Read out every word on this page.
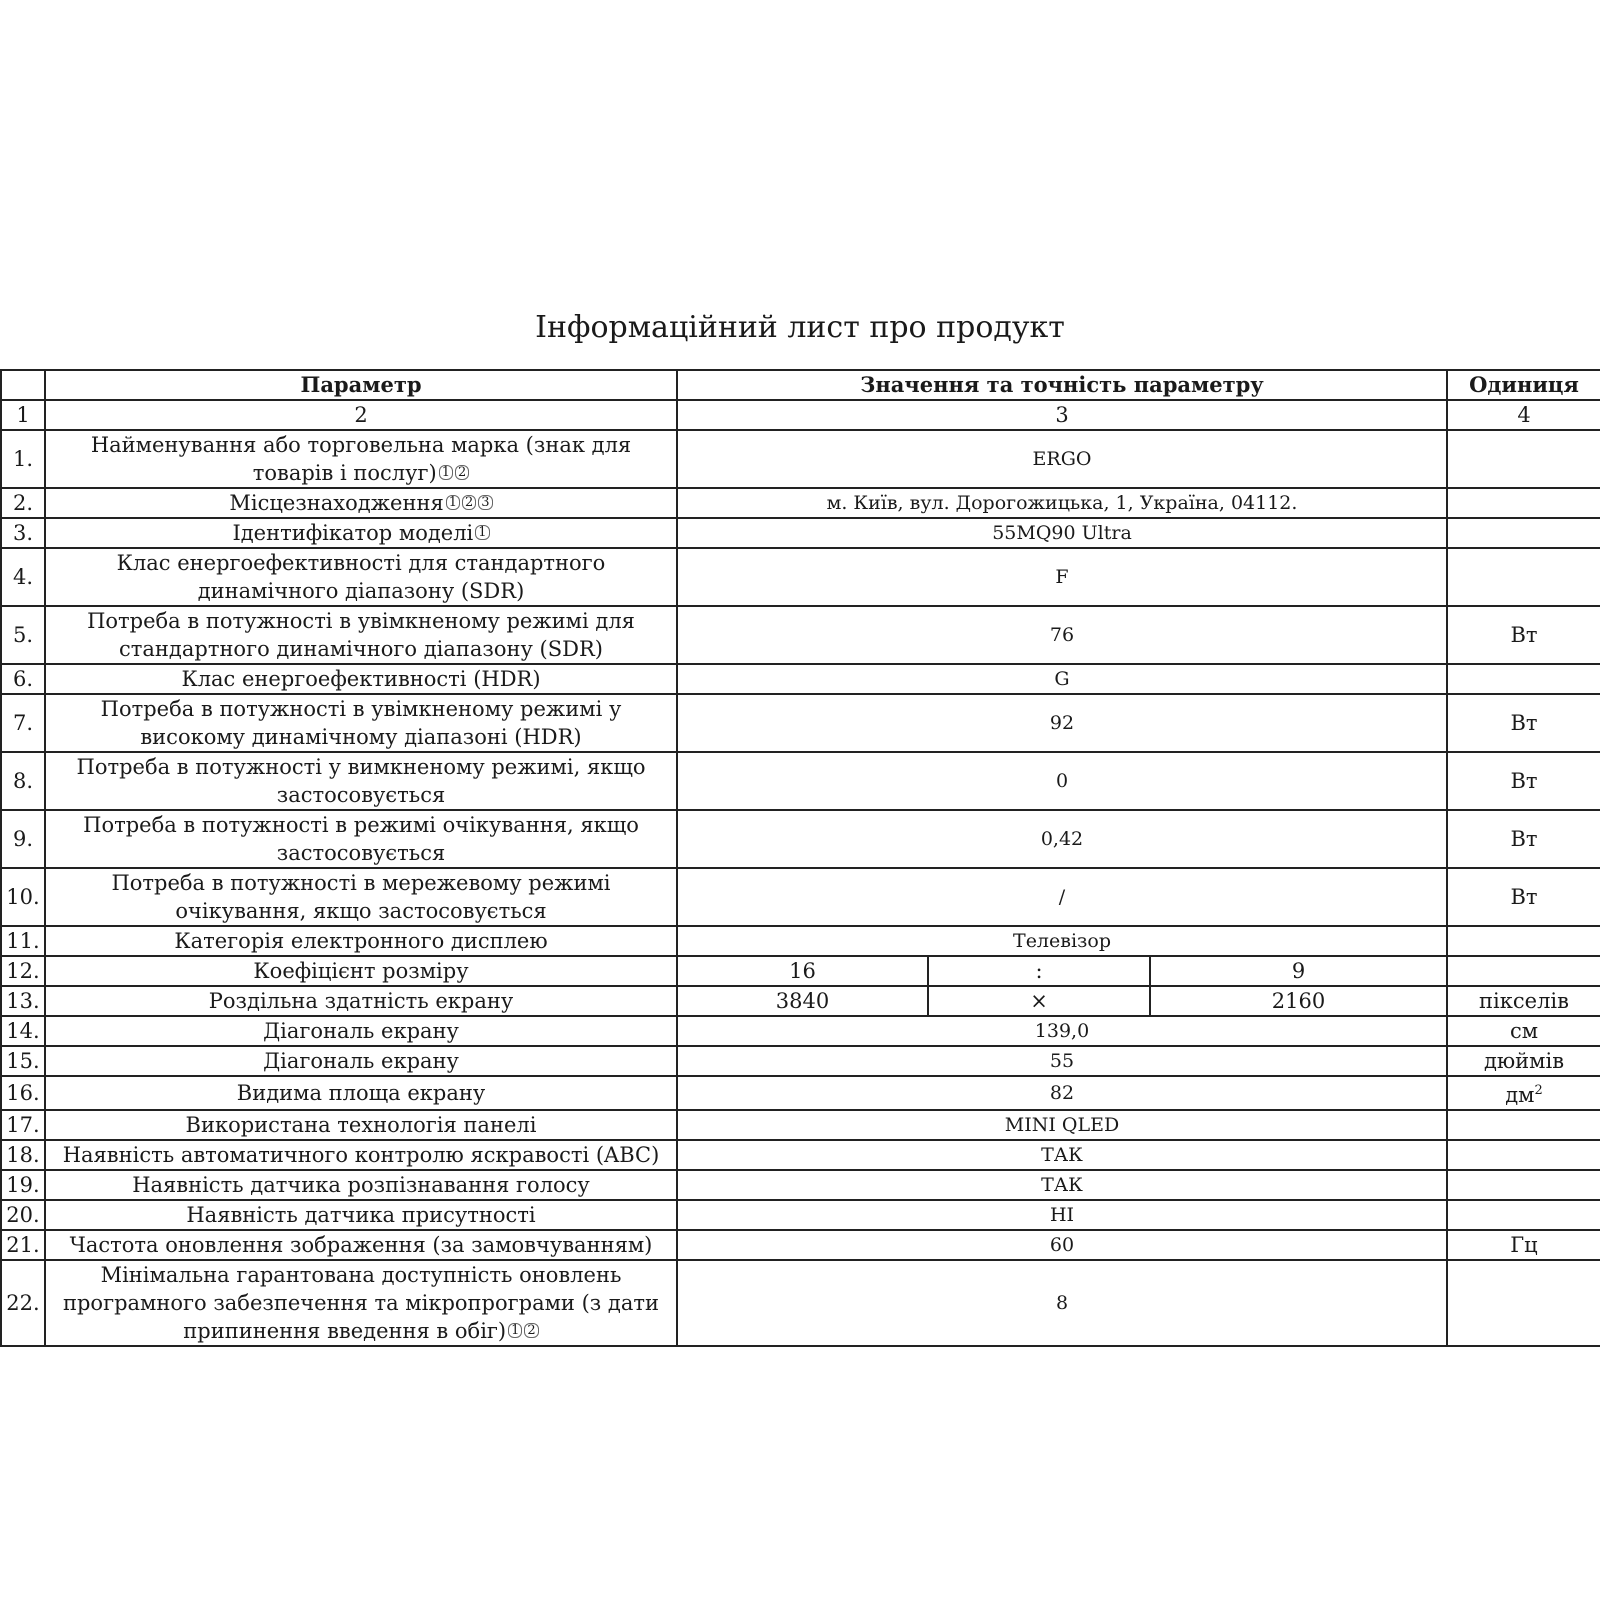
Інформаційний лист про продукт
	Параметр	Значення та точність параметру			Одиниця
1	2	3			4
1.	Найменування або торговельна марка (знак для товарів і послуг) 1 2	ERGO			
2.	Місцезнаходження 1 2 3	м. Київ, вул. Дорогожицька, 1, Україна, 04112.			
3.	Ідентифікатор моделі 1	55MQ90 Ultra			
4.	Клас енергоефективності для стандартного динамічного діапазону (SDR)	F			
5.	Потреба в потужності в увімкненому режимі для стандартного динамічного діапазону (SDR)	76			Вт
6.	Клас енергоефективності (HDR)	G			
7.	Потреба в потужності в увімкненому режимі у високому динамічному діапазоні (HDR)	92			Вт
8.	Потреба в потужності у вимкненому режимі, якщо застосовується	0			Вт
9.	Потреба в потужності в режимі очікування, якщо застосовується	0,42			Вт
10.	Потреба в потужності в мережевому режимі очікування, якщо застосовується	/			Вт
11.	Категорія електронного дисплею	Телевізор			
12.	Коефіцієнт розміру	16	:	9	
13.	Роздільна здатність екрану	3840	×	2160	пікселів
14.	Діагональ екрану	139,0			см
15.	Діагональ екрану	55			дюймів
16.	Видима площа екрану	82			дм$^2$
17.	Використана технологія панелі	MINI QLED			
18.	Наявність автоматичного контролю яскравості (ABC)	ТАК			
19.	Наявність датчика розпізнавання голосу	ТАК			
20.	Наявність датчика присутності	НІ			
21.	Частота оновлення зображення (за замовчуванням)	60			Гц
22.	Мінімальна гарантована доступність оновлень програмного забезпечення та мікропрограми (з дати припинення введення в обіг) 1 2	8			
